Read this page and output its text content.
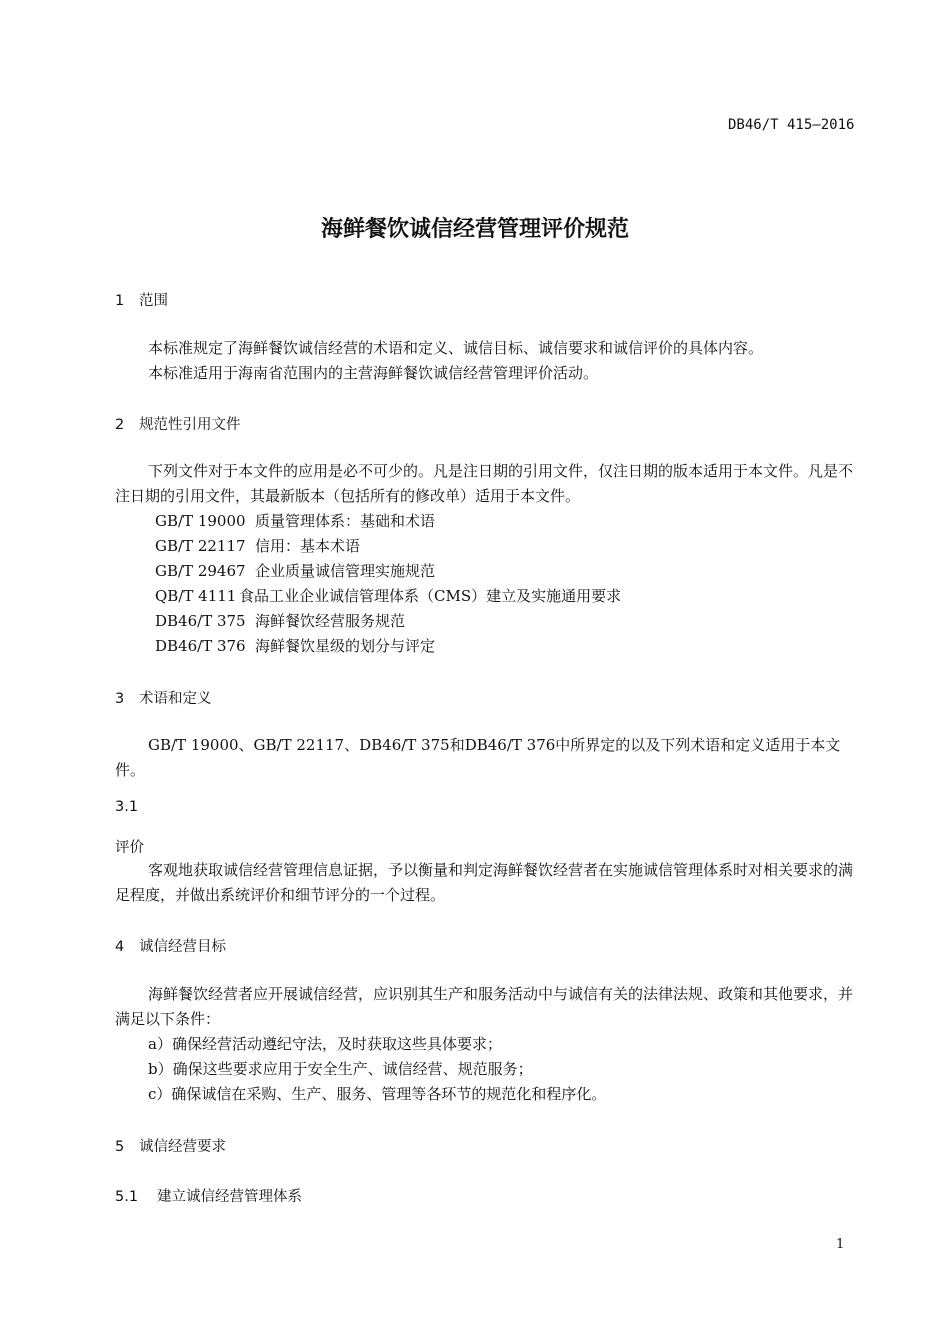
DB46/T 415—2016
海鲜餐饮诚信经营管理评价规范
1 范围
本标准规定了海鲜餐饮诚信经营的术语和定义、诚信目标、诚信要求和诚信评价的具体内容。
本标准适用于海南省范围内的主营海鲜餐饮诚信经营管理评价活动。
2 规范性引用文件
下列文件对于本文件的应用是必不可少的。凡是注日期的引用文件，仅注日期的版本适用于本文件。凡是不注日期的引用文件，其最新版本（包括所有的修改单）适用于本文件。
GB/T 19000 质量管理体系：基础和术语
GB/T 22117 信用：基本术语
GB/T 29467 企业质量诚信管理实施规范
QB/T 4111 食品工业企业诚信管理体系（CMS）建立及实施通用要求
DB46/T 375 海鲜餐饮经营服务规范
DB46/T 376 海鲜餐饮星级的划分与评定
3 术语和定义
GB/T 19000、GB/T 22117、DB46/T 375和DB46/T 376中所界定的以及下列术语和定义适用于本文件。
3.1
评价
客观地获取诚信经营管理信息证据，予以衡量和判定海鲜餐饮经营者在实施诚信管理体系时对相关要求的满足程度，并做出系统评价和细节评分的一个过程。
4 诚信经营目标
海鲜餐饮经营者应开展诚信经营，应识别其生产和服务活动中与诚信有关的法律法规、政策和其他要求，并满足以下条件：
a）确保经营活动遵纪守法，及时获取这些具体要求；
b）确保这些要求应用于安全生产、诚信经营、规范服务；
c）确保诚信在采购、生产、服务、管理等各环节的规范化和程序化。
5 诚信经营要求
5.1 建立诚信经营管理体系
1
